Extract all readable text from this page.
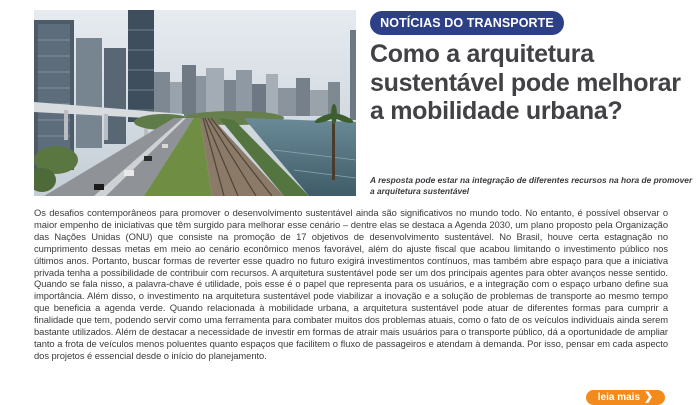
NOTÍCIAS DO TRANSPORTE
Como a arquitetura sustentável pode melhorar a mobilidade urbana?

A resposta pode estar na integração de diferentes recursos na hora de promover a arquitetura sustentável

Os desafios contemporâneos para promover o desenvolvimento sustentável ainda são significativos no mundo todo. No entanto, é possível observar o maior empenho de iniciativas que têm surgido para melhorar esse cenário – dentre elas se destaca a Agenda 2030, um plano proposto pela Organização das Nações Unidas (ONU) que consiste na promoção de 17 objetivos de desenvolvimento sustentável. No Brasil, houve certa estagnação no cumprimento dessas metas em meio ao cenário econômico menos favorável, além do ajuste fiscal que acabou limitando o investimento público nos últimos anos. Portanto, buscar formas de reverter esse quadro no futuro exigirá investimentos contínuos, mas também abre espaço para que a iniciativa privada tenha a possibilidade de contribuir com recursos. A arquitetura sustentável pode ser um dos principais agentes para obter avanços nesse sentido. Quando se fala nisso, a palavra-chave é utilidade, pois esse é o papel que representa para os usuários, e a integração com o espaço urbano define sua importância. Além disso, o investimento na arquitetura sustentável pode viabilizar a inovação e a solução de problemas de transporte ao mesmo tempo que beneficia a agenda verde. Quando relacionada à mobilidade urbana, a arquitetura sustentável pode atuar de diferentes formas para cumprir a finalidade que tem, podendo servir como uma ferramenta para combater muitos dos problemas atuais, como o fato de os veículos individuais ainda serem bastante utilizados. Além de destacar a necessidade de investir em formas de atrair mais usuários para o transporte público, dá a oportunidade de ampliar tanto a frota de veículos menos poluentes quanto espaços que facilitem o fluxo de passageiros e atendam à demanda. Por isso, pensar em cada aspecto dos projetos é essencial desde o início do planejamento.

leia mais ❯
